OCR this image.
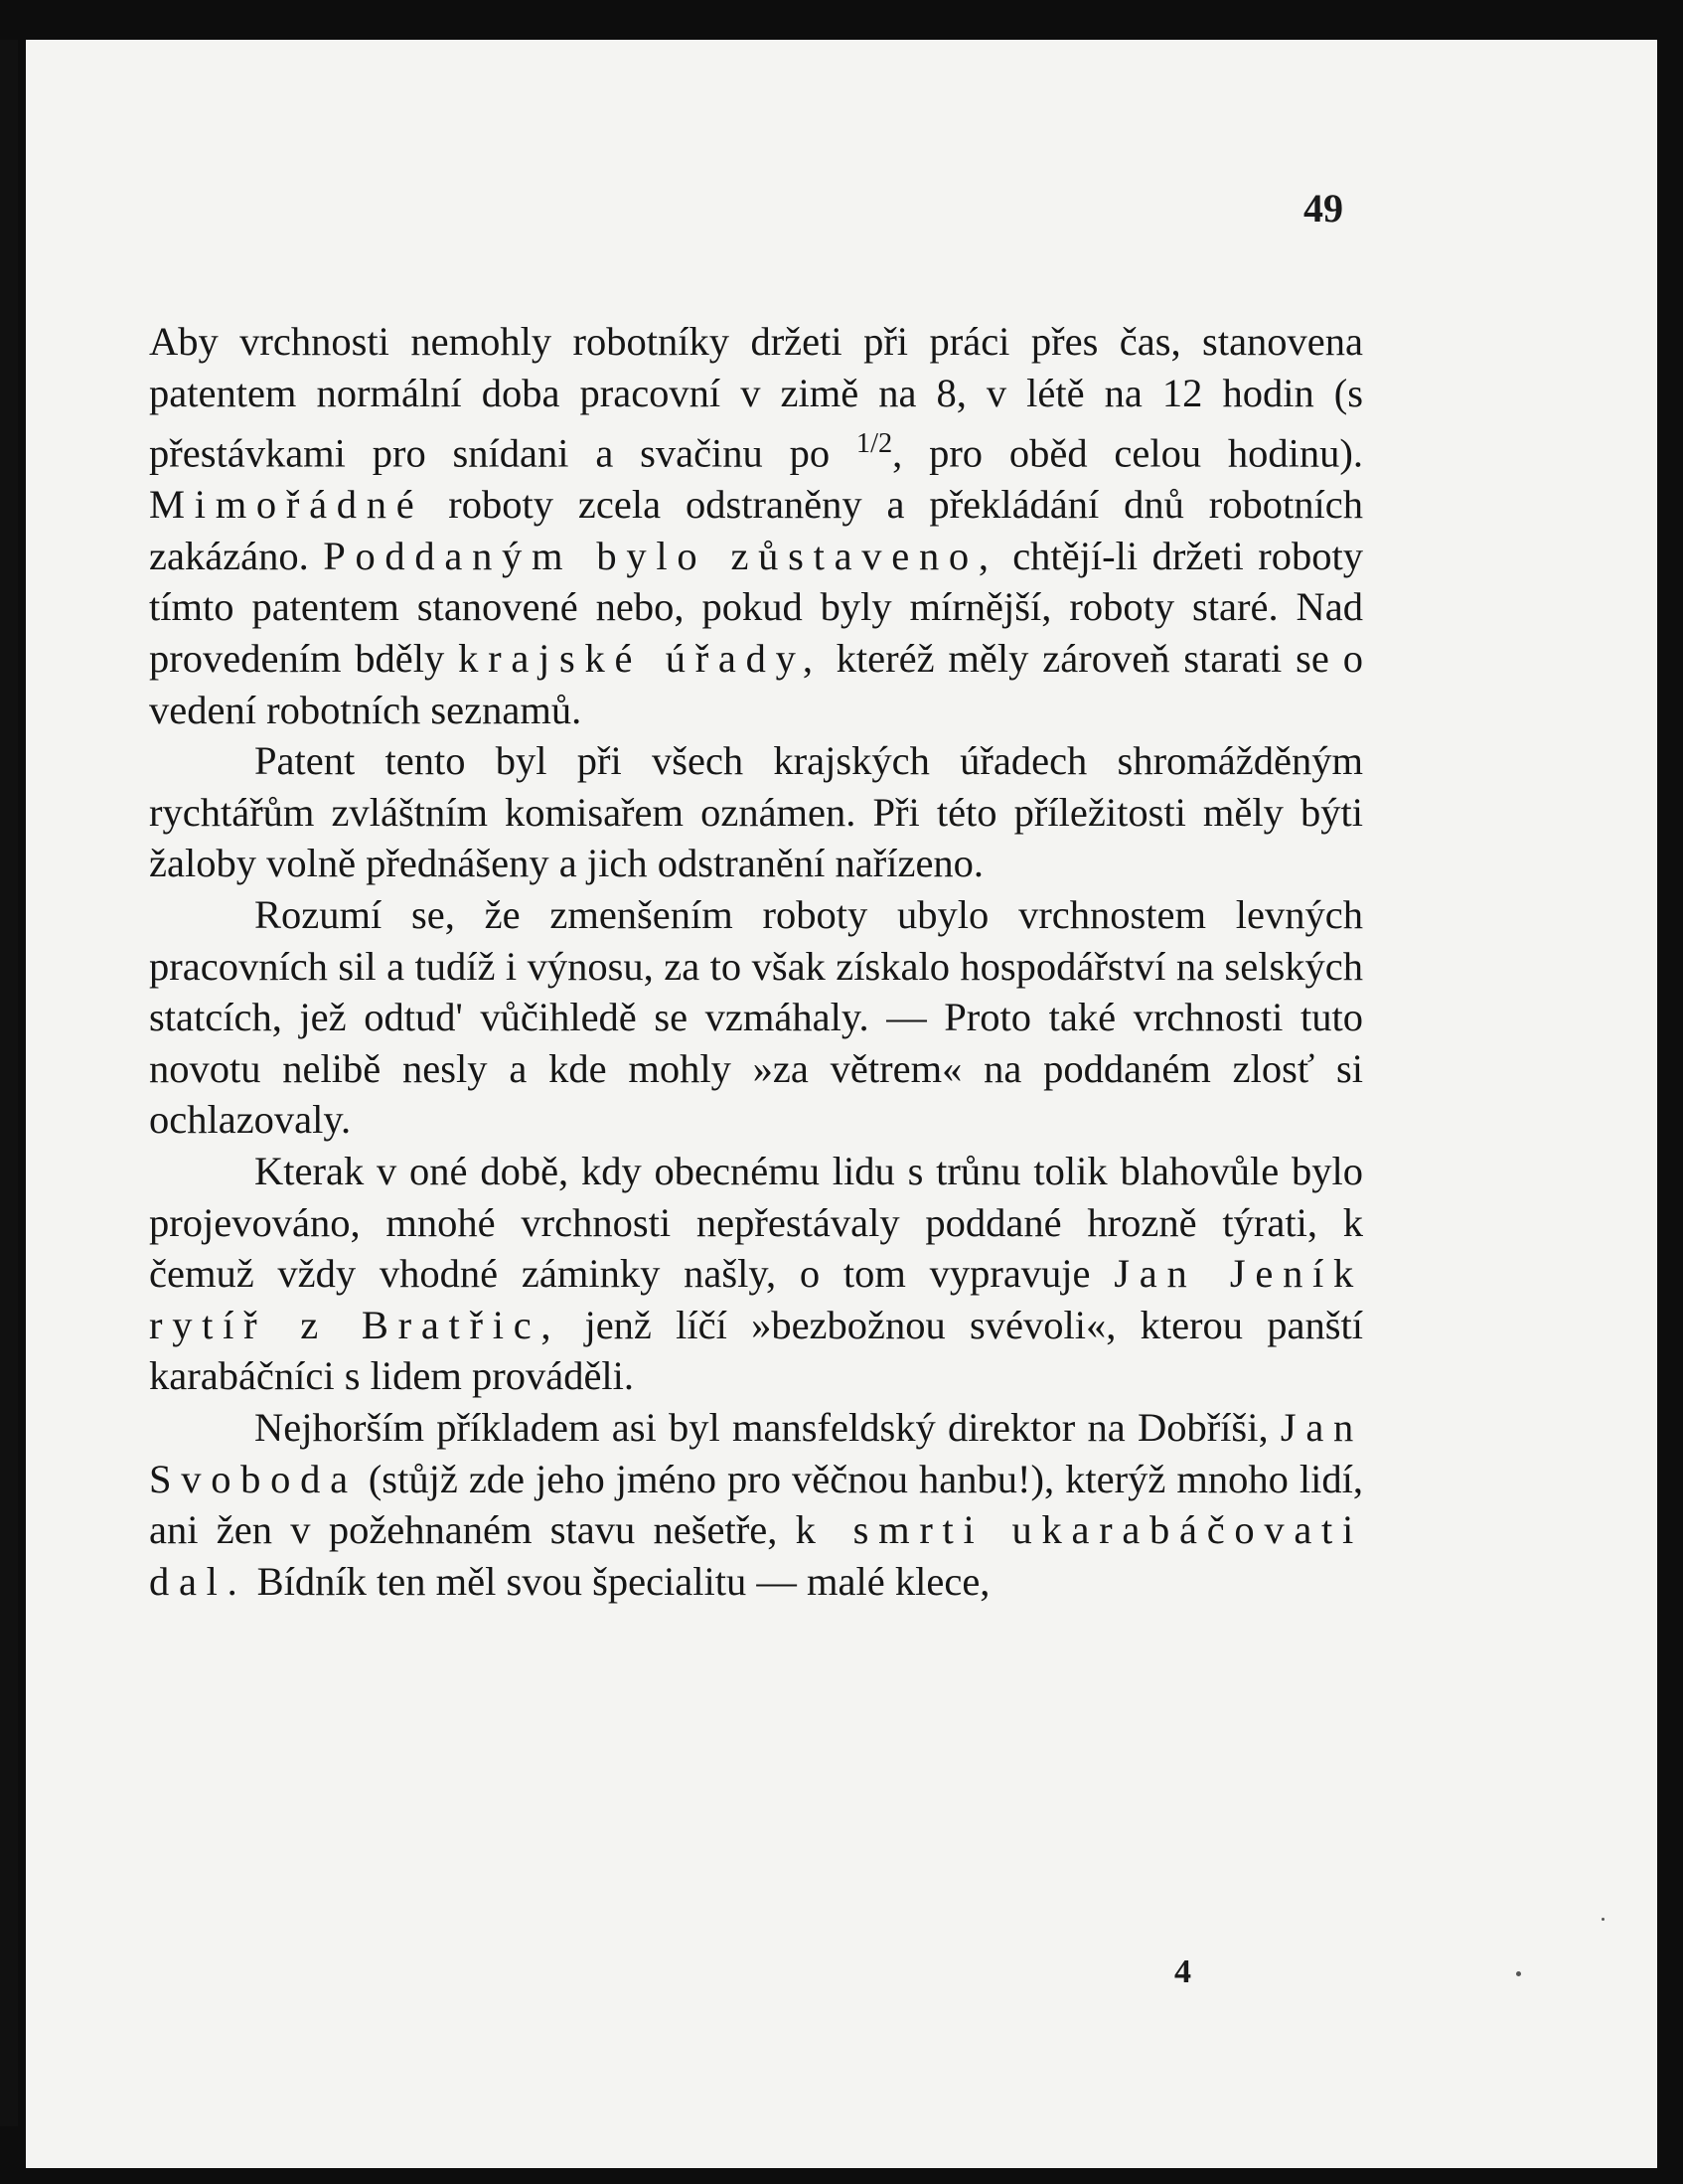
49

Aby vrchnosti nemohly robotníky držeti při práci přes čas, stanovena patentem normální doba pracovní v zimě na 8, v létě na 12 hodin (s přestávkami pro snídani a svačinu po $^{1/2}$, pro oběd celou hodinu). Mimořádné roboty zcela odstraněny a překládání dnů robotních zakázáno. Poddaným bylo zůstaveno, chtějí-li držeti roboty tímto patentem stanovené nebo, pokud byly mírnější, roboty staré. Nad provedením bděly krajské úřady, kteréž měly zároveň starati se o vedení robotních seznamů.

Patent tento byl při všech krajských úřadech shromážděným rychtářům zvláštním komisařem oznámen. Při této příležitosti měly býti žaloby volně přednášeny a jich odstranění nařízeno.

Rozumí se, že zmenšením roboty ubylo vrchnostem levných pracovních sil a tudíž i výnosu, za to však získalo hospodářství na selských statcích, jež odtud' vůčihledě se vzmáhaly. — Proto také vrchnosti tuto novotu nelibě nesly a kde mohly »za větrem« na poddaném zlosť si ochlazovaly.

Kterak v oné době, kdy obecnému lidu s trůnu tolik blahovůle bylo projevováno, mnohé vrchnosti nepřestávaly poddané hrozně týrati, k čemuž vždy vhodné záminky našly, o tom vypravuje Jan Jeník rytíř z Bratřic, jenž líčí »bezbožnou svévoli«, kterou panští karabáčníci s lidem prováděli.

Nejhorším příkladem asi byl mansfeldský direktor na Dobříši, Jan Svoboda (stůjž zde jeho jméno pro věčnou hanbu!), kterýž mnoho lidí, ani žen v požehnaném stavu nešetře, k smrti ukarabáčovati dal. Bídník ten měl svou špecialitu — malé klece,

4
